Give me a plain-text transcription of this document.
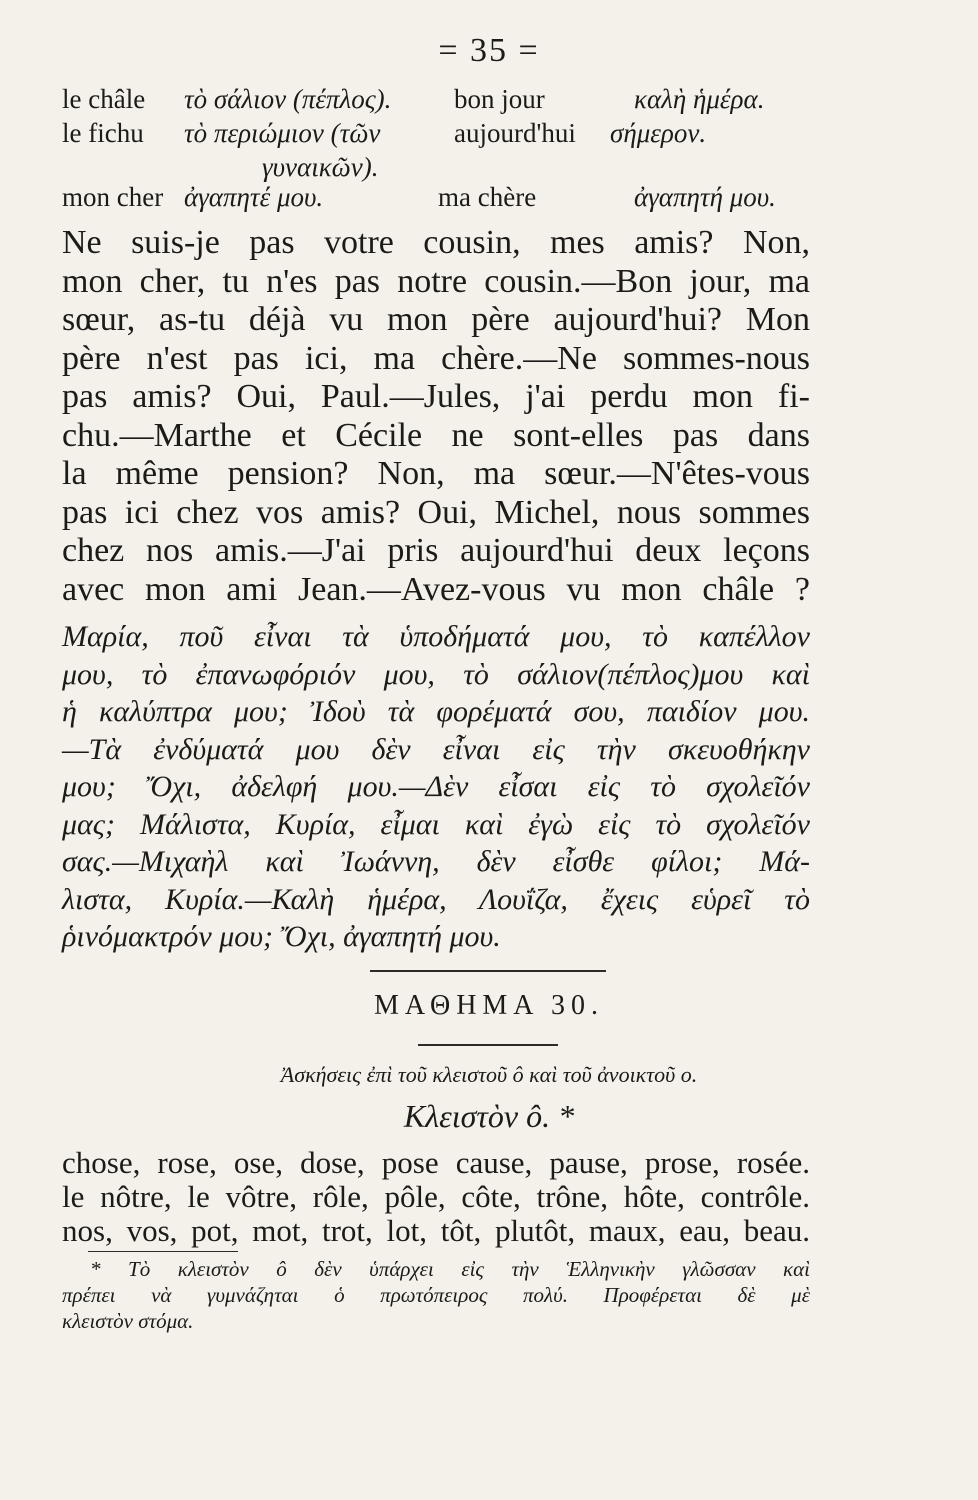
= 35 =
le châle τὸ σάλιον (πέπλος). bon jour	καλὴ ἡμέρα.
le fichu τὸ περιώμιον (τῶν	aujourd'hui σήμερον.
γυναικῶν).
mon cher ἀγαπητέ μου.	ma chère	ἀγαπητή μου.
Ne suis-je pas votre cousin, mes amis? Non,
mon cher, tu n'es pas notre cousin.—Bon jour, ma
sœur, as-tu déjà vu mon père aujourd'hui? Mon
père n'est pas ici, ma chère.—Ne sommes-nous
pas amis? Oui, Paul.—Jules, j'ai perdu mon fi-
chu.—Marthe et Cécile ne sont-elles pas dans
la même pension? Non, ma sœur.—N'êtes-vous
pas ici chez vos amis? Oui, Michel, nous sommes
chez nos amis.—J'ai pris aujourd'hui deux leçons
avec mon ami Jean.—Avez-vous vu mon châle ?
Μαρία, ποῦ εἶναι τὰ ὑποδήματά μου, τὸ καπέλλον
μου, τὸ ἐπανωφόριόν μου, τὸ σάλιον(πέπλος)μου καὶ
ἡ καλύπτρα μου; Ἰδοὺ τὰ φορέματά σου, παιδίον μου.
—Τὰ ἐνδύματά μου δὲν εἶναι εἰς τὴν σκευοθήκην
μου; Ὄχι, ἀδελφή μου.—Δὲν εἶσαι εἰς τὸ σχολεῖόν
μας; Μάλιστα, Κυρία, εἶμαι καὶ ἐγὼ εἰς τὸ σχολεῖόν
σας.—Μιχαὴλ καὶ Ἰωάννη, δὲν εἶσθε φίλοι; Μά-
λιστα, Κυρία.—Καλὴ ἡμέρα, Λουΐζα, ἔχεις εὑρεῖ τὸ
ῥινόμακτρόν μου; Ὄχι, ἀγαπητή μου.
ΜΑΘΗΜΑ 30.
Ἀσκήσεις ἐπὶ τοῦ κλειστοῦ ô καὶ τοῦ ἀνοικτοῦ o.
Κλειστὸν ô. *
chose, rose, ose, dose, pose cause, pause, prose, rosée.
le nôtre, le vôtre, rôle, pôle, côte, trône, hôte, contrôle.
nos, vos, pot, mot, trot, lot, tôt, plutôt, maux, eau, beau.
* Τὸ κλειστὸν ô δὲν ὑπάρχει εἰς τὴν Ἑλληνικὴν γλῶσσαν καὶ
πρέπει νὰ γυμνάζηται ὁ πρωτόπειρος πολύ. Προφέρεται δὲ μὲ
κλειστὸν στόμα.
